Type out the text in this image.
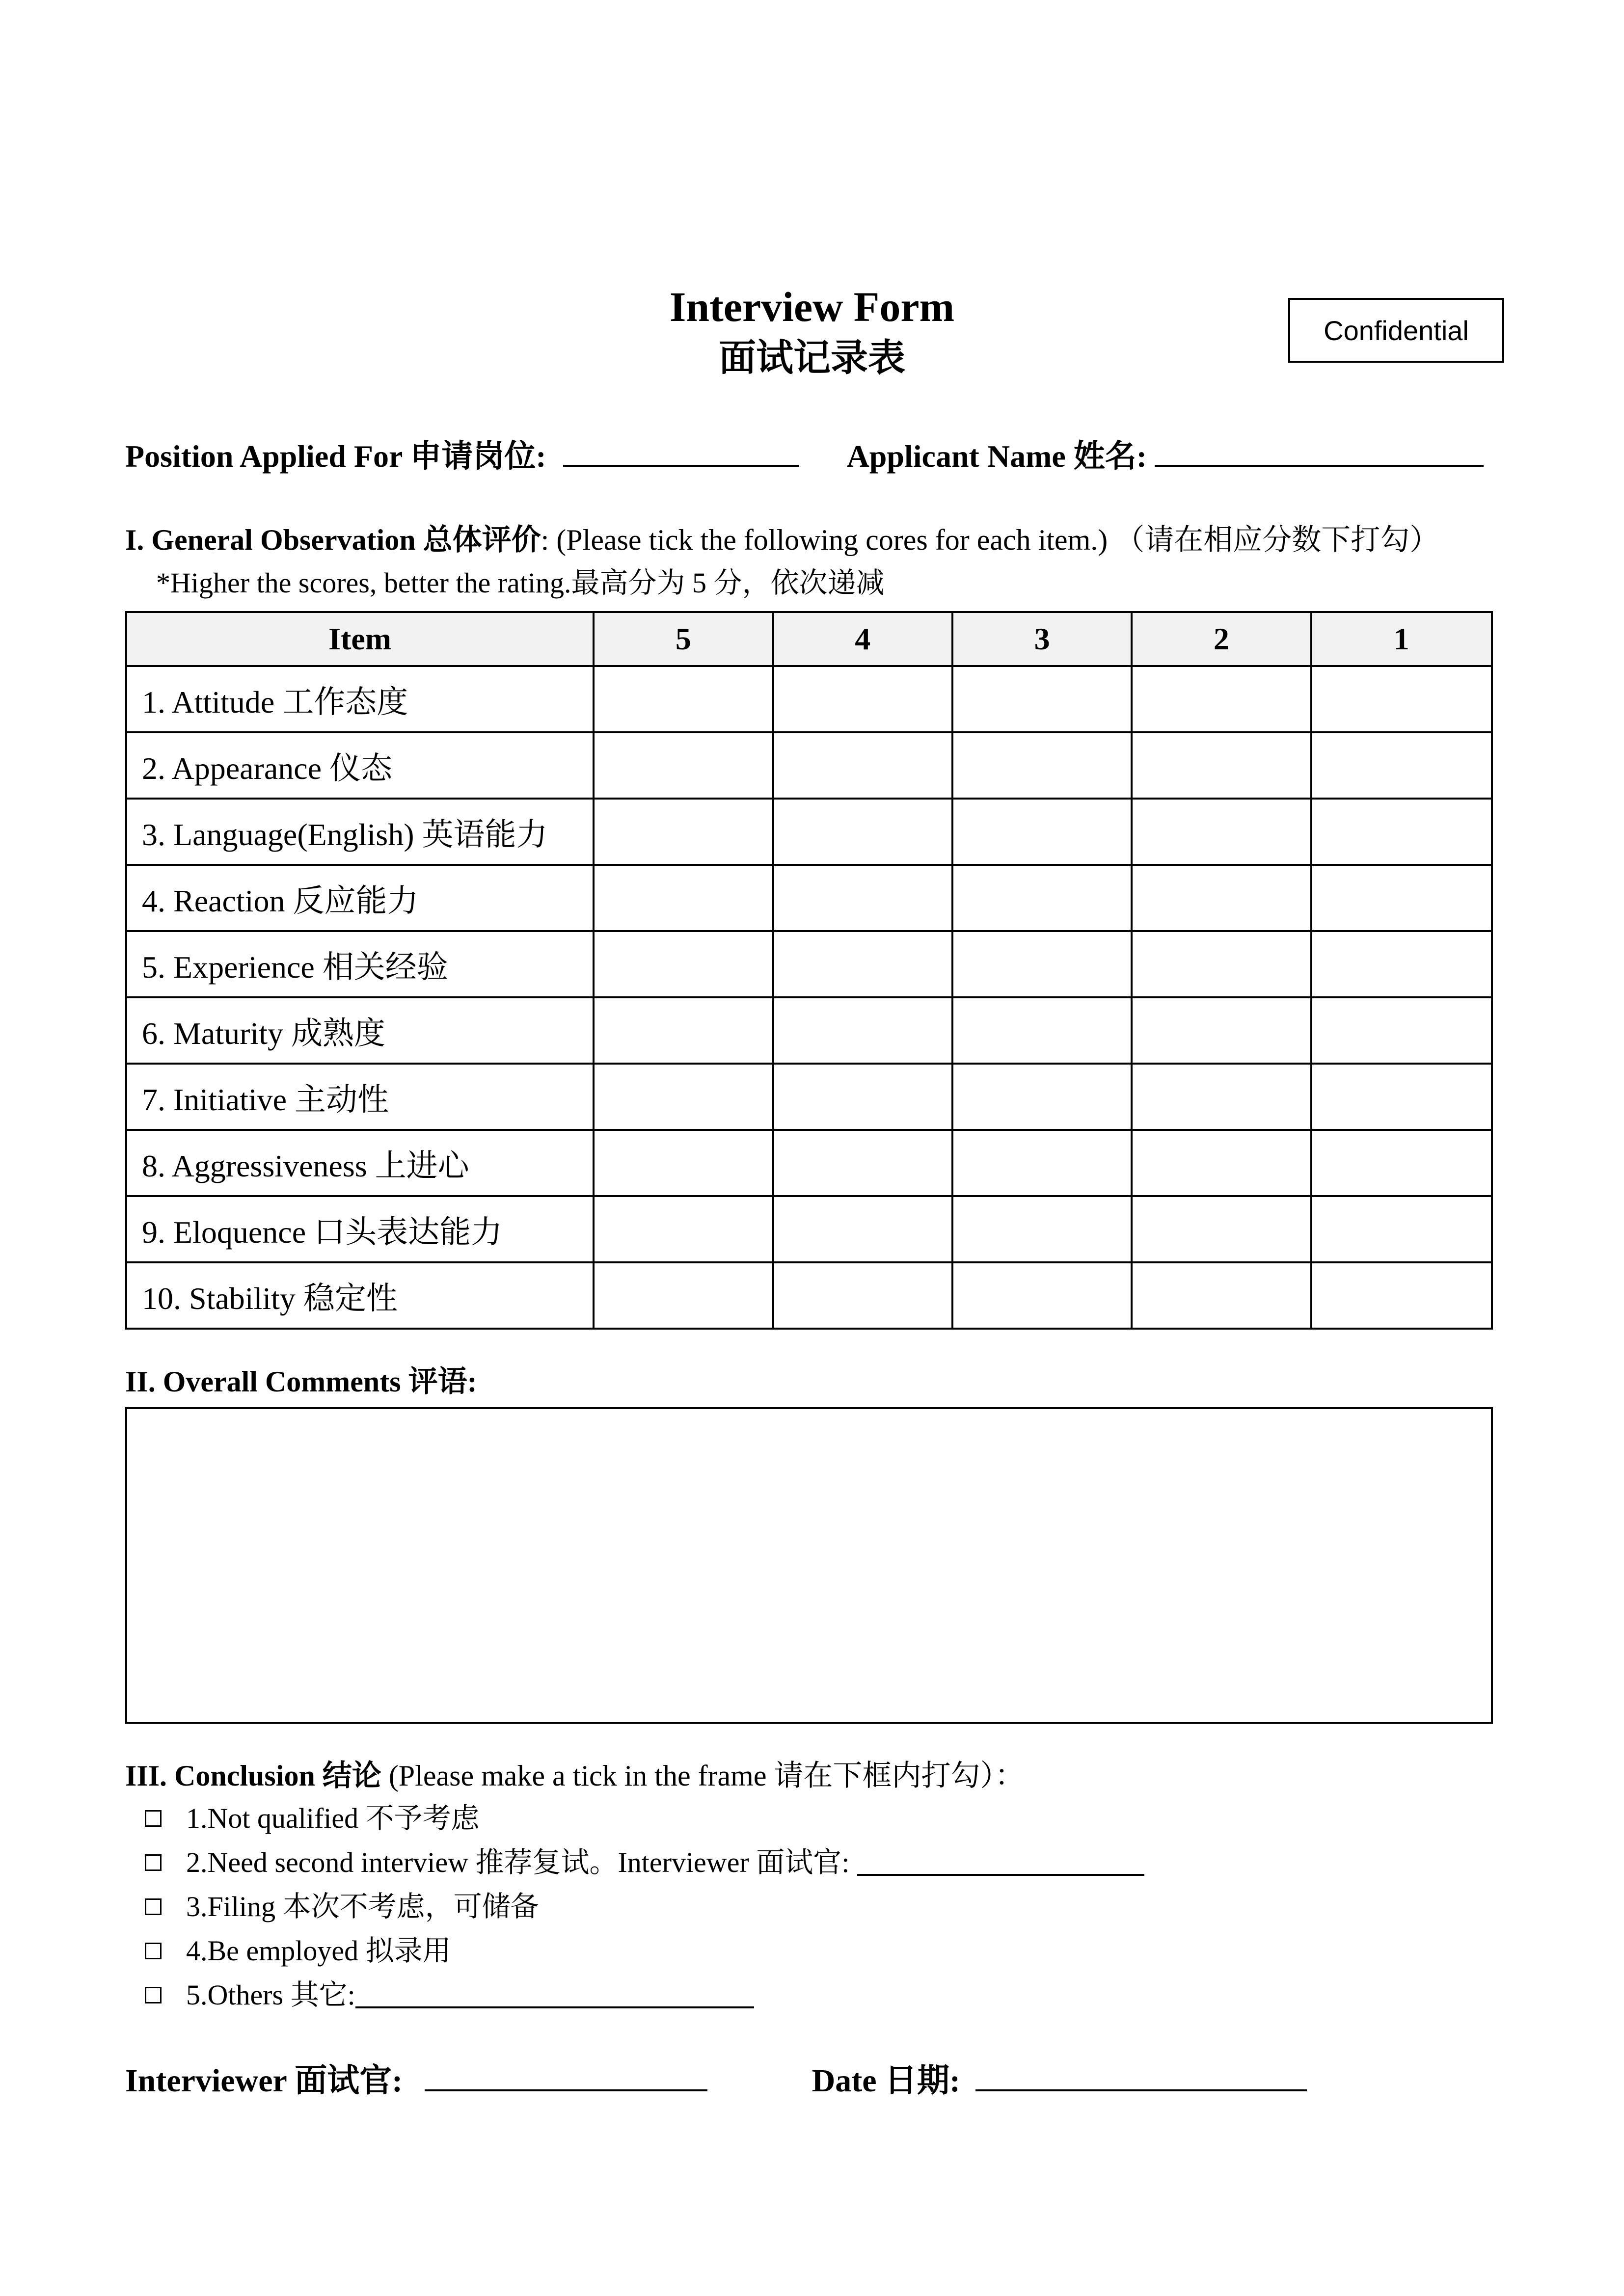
Interview Form
面试记录表
Confidential
Position Applied For 申请岗位:	Applicant Name 姓名:
I. General Observation 总体评价: (Please tick the following cores for each item.) （请在相应分数下打勾）
*Higher the scores, better the rating.最高分为 5 分，依次递减
Item	5	4	3	2	1
1. Attitude 工作态度					
2. Appearance 仪态					
3. Language(English) 英语能力					
4. Reaction 反应能力					
5. Experience 相关经验					
6. Maturity 成熟度					
7. Initiative 主动性					
8. Aggressiveness 上进心					
9. Eloquence 口头表达能力					
10. Stability 稳定性					
II. Overall Comments 评语:
III. Conclusion 结论 (Please make a tick in the frame 请在下框内打勾）：
1.Not qualified 不予考虑
2.Need second interview 推荐复试。Interviewer 面试官:
3.Filing 本次不考虑，可储备
4.Be employed 拟录用
5.Others 其它:
Interviewer 面试官:	Date 日期:
